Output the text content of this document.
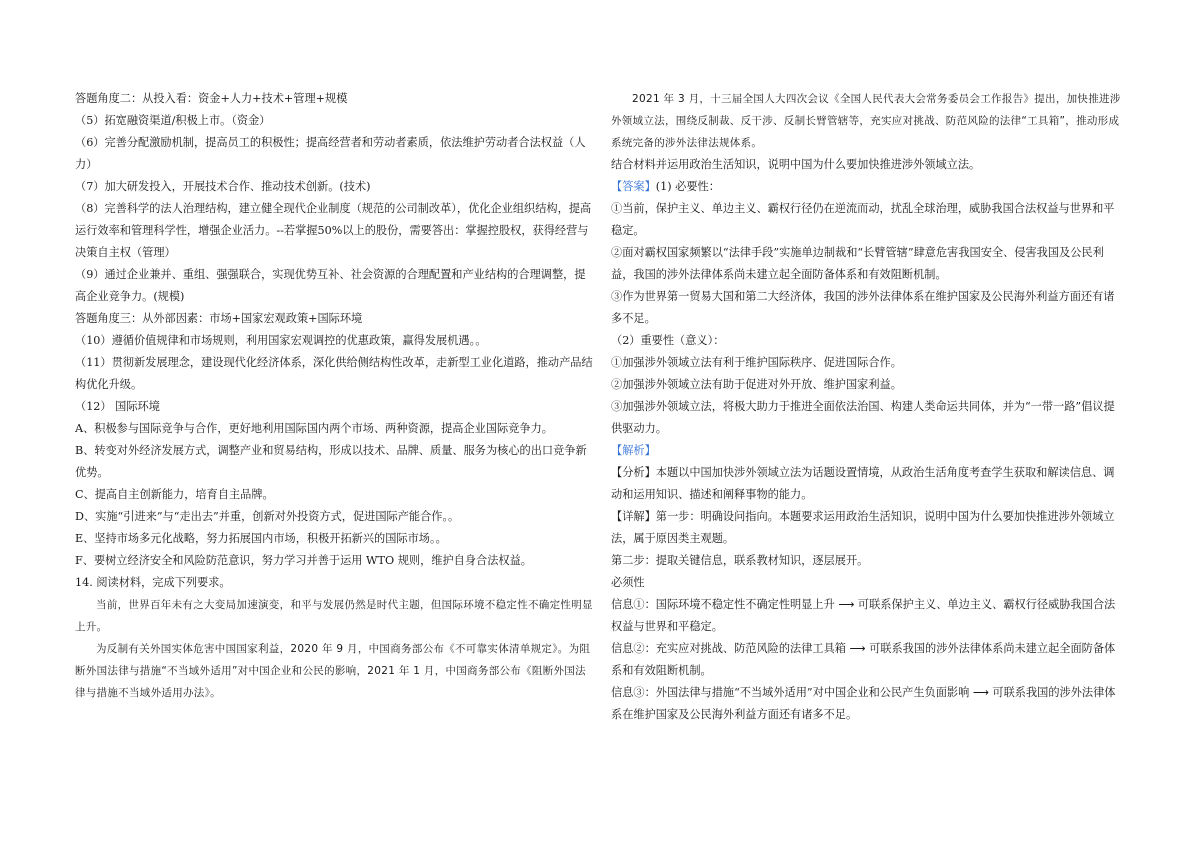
答题角度二：从投入看：资金+人力+技术+管理+规模

（5）拓宽融资渠道/积极上市。（资金）

（6）完善分配激励机制，提高员工的积极性；提高经营者和劳动者素质，依法维护劳动者合法权益（人力）

（7）加大研发投入，开展技术合作、推动技术创新。(技术)

（8）完善科学的法人治理结构，建立健全现代企业制度（规范的公司制改革），优化企业组织结构，提高运行效率和管理科学性，增强企业活力。--若掌握50%以上的股份，需要答出：掌握控股权，获得经营与决策自主权（管理）

（9）通过企业兼并、重组、强强联合，实现优势互补、社会资源的合理配置和产业结构的合理调整，提高企业竞争力。(规模)

答题角度三：从外部因素：市场+国家宏观政策+国际环境

（10）遵循价值规律和市场规则，利用国家宏观调控的优惠政策，赢得发展机遇。。

（11）贯彻新发展理念，建设现代化经济体系，深化供给侧结构性改革，走新型工业化道路，推动产品结构优化升级。

（12） 国际环境

A、积极参与国际竞争与合作，更好地利用国际国内两个市场、两种资源，提高企业国际竞争力。

B、转变对外经济发展方式，调整产业和贸易结构，形成以技术、品牌、质量、服务为核心的出口竞争新优势。

C、提高自主创新能力，培育自主品牌。

D、实施“引进来”与“走出去”并重，创新对外投资方式，促进国际产能合作。。

E、坚持市场多元化战略，努力拓展国内市场，积极开拓新兴的国际市场。。

F、要树立经济安全和风险防范意识，努力学习并善于运用 WTO 规则，维护自身合法权益。

14. 阅读材料，完成下列要求。

当前，世界百年未有之大变局加速演变，和平与发展仍然是时代主题，但国际环境不稳定性不确定性明显上升。

为反制有关外国实体危害中国国家利益，2020 年 9 月，中国商务部公布《不可靠实体清单规定》。为阻断外国法律与措施“不当域外适用”对中国企业和公民的影响，2021 年 1 月，中国商务部公布《阻断外国法律与措施不当域外适用办法》。

2021 年 3 月，十三届全国人大四次会议《全国人民代表大会常务委员会工作报告》提出，加快推进涉外领域立法，围绕反制裁、反干涉、反制长臂管辖等，充实应对挑战、防范风险的法律“工具箱”，推动形成系统完备的涉外法律法规体系。

结合材料并运用政治生活知识，说明中国为什么要加快推进涉外领域立法。

【答案】(1) 必要性：

①当前，保护主义、单边主义、霸权行径仍在逆流而动，扰乱全球治理，威胁我国合法权益与世界和平稳定。

②面对霸权国家频繁以“法律手段”实施单边制裁和“长臂管辖”肆意危害我国安全、侵害我国及公民利益，我国的涉外法律体系尚未建立起全面防备体系和有效阻断机制。

③作为世界第一贸易大国和第二大经济体，我国的涉外法律体系在维护国家及公民海外利益方面还有诸多不足。

（2）重要性（意义）：

①加强涉外领域立法有利于维护国际秩序、促进国际合作。

②加强涉外领域立法有助于促进对外开放、维护国家利益。

③加强涉外领域立法，将极大助力于推进全面依法治国、构建人类命运共同体，并为“一带一路”倡议提供驱动力。

【解析】

【分析】本题以中国加快涉外领域立法为话题设置情境，从政治生活角度考查学生获取和解读信息、调动和运用知识、描述和阐释事物的能力。

【详解】第一步：明确设问指向。本题要求运用政治生活知识，说明中国为什么要加快推进涉外领域立法，属于原因类主观题。

第二步：提取关键信息，联系教材知识，逐层展开。

必须性

信息①：国际环境不稳定性不确定性明显上升 ⟶ 可联系保护主义、单边主义、霸权行径威胁我国合法权益与世界和平稳定。

信息②：充实应对挑战、防范风险的法律工具箱 ⟶ 可联系我国的涉外法律体系尚未建立起全面防备体系和有效阻断机制。

信息③：外国法律与措施“不当域外适用”对中国企业和公民产生负面影响 ⟶ 可联系我国的涉外法律体系在维护国家及公民海外利益方面还有诸多不足。
